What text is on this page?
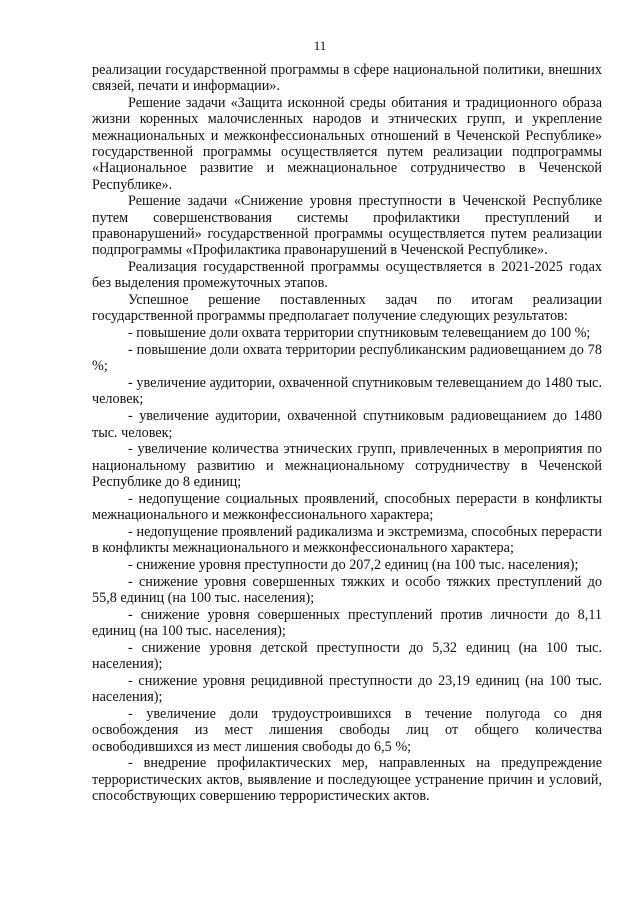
11

реализации государственной программы в сфере национальной политики, внешних связей, печати и информации».

Решение задачи «Защита исконной среды обитания и традиционного образа жизни коренных малочисленных народов и этнических групп, и укрепление межнациональных и межконфессиональных отношений в Чеченской Республике» государственной программы осуществляется путем реализации подпрограммы «Национальное развитие и межнациональное сотрудничество в Чеченской Республике».

Решение задачи «Снижение уровня преступности в Чеченской Республике путем совершенствования системы профилактики преступлений и правонарушений» государственной программы осуществляется путем реализации подпрограммы «Профилактика правонарушений в Чеченской Республике».

Реализация государственной программы осуществляется в 2021-2025 годах без выделения промежуточных этапов.

Успешное решение поставленных задач по итогам реализации государственной программы предполагает получение следующих результатов:

- повышение доли охвата территории спутниковым телевещанием до 100 %;

- повышение доли охвата территории республиканским радиовещанием до 78 %;

- увеличение аудитории, охваченной спутниковым телевещанием до 1480 тыс. человек;

- увеличение аудитории, охваченной спутниковым радиовещанием до 1480 тыс. человек;

- увеличение количества этнических групп, привлеченных в мероприятия по национальному развитию и межнациональному сотрудничеству в Чеченской Республике до 8 единиц;

- недопущение социальных проявлений, способных перерасти в конфликты межнационального и межконфессионального характера;

- недопущение проявлений радикализма и экстремизма, способных перерасти в конфликты межнационального и межконфессионального характера;

- снижение уровня преступности до 207,2 единиц (на 100 тыс. населения);

- снижение уровня совершенных тяжких и особо тяжких преступлений до 55,8 единиц (на 100 тыс. населения);

- снижение уровня совершенных преступлений против личности до 8,11 единиц (на 100 тыс. населения);

- снижение уровня детской преступности до 5,32 единиц (на 100 тыс. населения);

- снижение уровня рецидивной преступности до 23,19 единиц (на 100 тыс. населения);

- увеличение доли трудоустроившихся в течение полугода со дня освобождения из мест лишения свободы лиц от общего количества освободившихся из мест лишения свободы до 6,5 %;

- внедрение профилактических мер, направленных на предупреждение террористических актов, выявление и последующее устранение причин и условий, способствующих совершению террористических актов.
